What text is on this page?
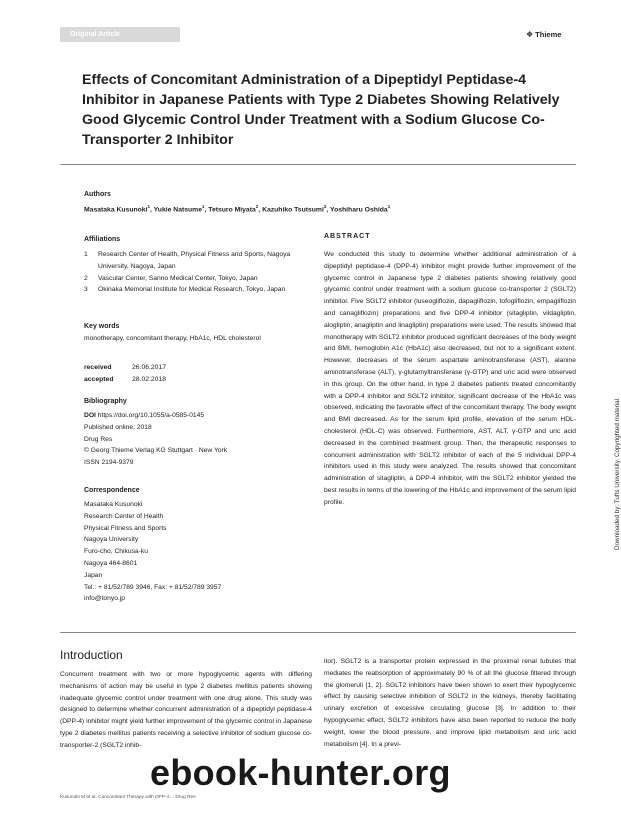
Original Article	❖ Thieme
Effects of Concomitant Administration of a Dipeptidyl Peptidase-4 Inhibitor in Japanese Patients with Type 2 Diabetes Showing Relatively Good Glycemic Control Under Treatment with a Sodium Glucose Co-Transporter 2 Inhibitor
Authors
Masataka Kusunoki$^1$, Yukie Natsume$^1$, Tetsuro Miyata$^2$, Kazuhiko Tsutsumi$^3$, Yoshiharu Oshida$^1$
Affiliations
1 Research Center of Health, Physical Fitness and Sports, Nagoya University, Nagoya, Japan
2 Vascular Center, Sanno Medical Center, Tokyo, Japan
3 Okinaka Memorial Institute for Medical Research, Tokyo, Japan
Key words
monotherapy, concomitant therapy, HbA1c, HDL cholesterol
received	26.06.2017
accepted	28.02.2018
Bibliography
DOI https://doi.org/10.1055/a-0585-0145
Published online: 2018
Drug Res
© Georg Thieme Verlag KG Stuttgart · New York
ISSN 2194-9379
Correspondence
Masataka Kusunoki
Research Center of Health
Physical Fitness and Sports
Nagoya University
Furo-cho, Chikusa-ku
Nagoya 464-8601
Japan
Tel.: + 81/52/789 3946, Fax: + 81/52/789 3957
info@tonyo.jp
ABSTRACT
We conducted this study to determine whether additional administration of a dipeptidyl peptidase-4 (DPP-4) inhibitor might provide further improvement of the glycemic control in Japanese type 2 diabetes patients showing relatively good glycemic control under treatment with a sodium glucose co-transporter 2 (SGLT2) inhibitor. Five SGLT2 inhibitor (luseogliflozin, dapagliflozin, tofogliflozin, empagliflozin and canagliflozin) preparations and five DPP-4 inhibitor (sitagliptin, vildagliptin, alogliptin, anagliptin and linagliptin) preparations were used. The results showed that monotherapy with SGLT2 inhibitor produced significant decreases of the body weight and BMI, hemoglobin A1c (HbA1c) also decreased, but not to a significant extent. However, decreases of the serum aspartate aminotransferase (AST), alanine aminotransferase (ALT), γ-glutamyltransferase (γ-GTP) and uric acid were observed in this group. On the other hand, in type 2 diabetes patients treated concomitantly with a DPP-4 inhibitor and SGLT2 inhibitor, significant decrease of the HbA1c was observed, indicating the favorable effect of the concomitant therapy. The body weight and BMI decreased. As for the serum lipid profile, elevation of the serum HDL-cholesterol (HDL-C) was observed. Furthermore, AST, ALT, γ-GTP and uric acid decreased in the combined treatment group. Then, the therapeutic responses to concurrent administration with SGLT2 inhibitor of each of the 5 individual DPP-4 inhibitors used in this study were analyzed. The results showed that concomitant administration of sitagliptin, a DPP-4 inhibitor, with the SGLT2 inhibitor yielded the best results in terms of the lowering of the HbA1c and improvement of the serum lipid profile.
Introduction
Concurrent treatment with two or more hypoglycemic agents with differing mechanisms of action may be useful in type 2 diabetes mellitus patients showing inadequate glycemic control under treatment with one drug alone. This study was designed to determine whether concurrent administration of a dipeptidyl peptidase-4 (DPP-4) inhibitor might yield further improvement of the glycemic control in Japanese type 2 diabetes mellitus patients receiving a selective inhibitor of sodium glucose co-transporter-2 (SGLT2 inhib-
itor). SGLT2 is a transporter protein expressed in the proximal renal tubules that mediates the reabsorption of approximately 90 % of all the glucose filtered through the glomeruli [1, 2]. SGLT2 inhibitors have been shown to exert their hypoglycemic effect by causing selective inhibition of SGLT2 in the kidneys, thereby facilitating urinary excretion of excessive circulating glucose [3]. In addition to their hypoglycemic effect, SGLT2 inhibitors have also been reported to reduce the body weight, lower the blood pressure, and improve lipid metabolism and uric acid metabolism [4]. In a previ-
Kusunoki M et al. Concomitant Therapy with DPP-4… Drug Res
Downloaded by: Tufts University. Copyrighted material.
ebook-hunter.org
